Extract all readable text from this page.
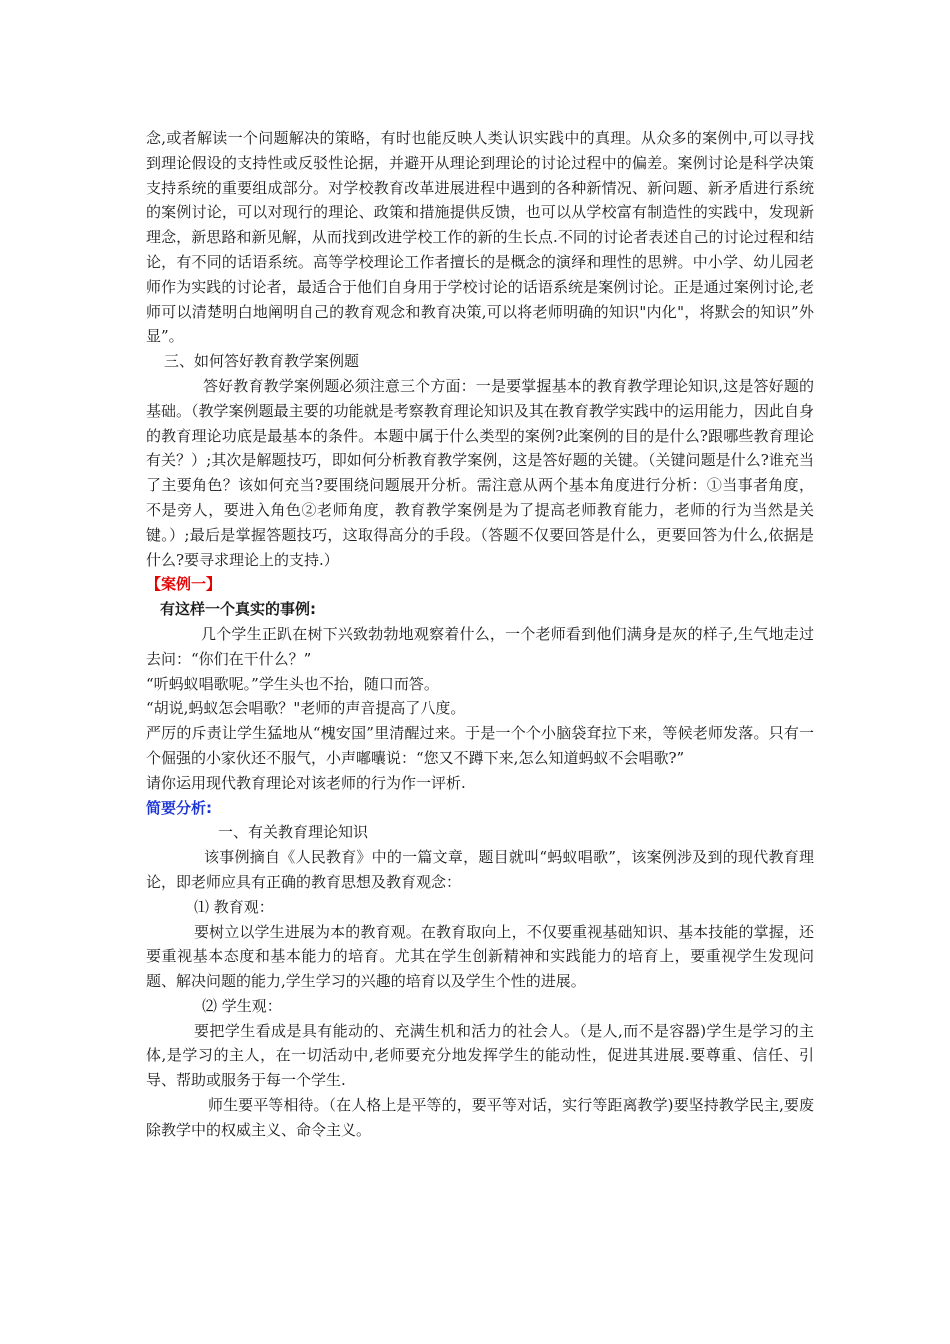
念,或者解读一个问题解决的策略，有时也能反映人类认识实践中的真理。从众多的案例中,可以寻找到理论假设的支持性或反驳性论据，并避开从理论到理论的讨论过程中的偏差。案例讨论是科学决策支持系统的重要组成部分。对学校教育改革进展进程中遇到的各种新情况、新问题、新矛盾进行系统的案例讨论，可以对现行的理论、政策和措施提供反馈，也可以从学校富有制造性的实践中，发现新理念，新思路和新见解，从而找到改进学校工作的新的生长点.不同的讨论者表述自己的讨论过程和结论，有不同的话语系统。高等学校理论工作者擅长的是概念的演绎和理性的思辨。中小学、幼儿园老师作为实践的讨论者，最适合于他们自身用于学校讨论的话语系统是案例讨论。正是通过案例讨论,老师可以清楚明白地阐明自己的教育观念和教育决策,可以将老师明确的知识"内化"，将默会的知识”外显”。

三、如何答好教育教学案例题

答好教育教学案例题必须注意三个方面：一是要掌握基本的教育教学理论知识,这是答好题的基础。（教学案例题最主要的功能就是考察教育理论知识及其在教育教学实践中的运用能力，因此自身的教育理论功底是最基本的条件。本题中属于什么类型的案例?此案例的目的是什么?跟哪些教育理论有关？）;其次是解题技巧，即如何分析教育教学案例，这是答好题的关键。（关键问题是什么?谁充当了主要角色？该如何充当?要围绕问题展开分析。需注意从两个基本角度进行分析：①当事者角度，不是旁人，要进入角色②老师角度，教育教学案例是为了提高老师教育能力，老师的行为当然是关键。）;最后是掌握答题技巧，这取得高分的手段。（答题不仅要回答是什么，更要回答为什么,依据是什么?要寻求理论上的支持.）

【案例一】

有这样一个真实的事例:

几个学生正趴在树下兴致勃勃地观察着什么，一个老师看到他们满身是灰的样子,生气地走过去问：“你们在干什么？”

“听蚂蚁唱歌呢。”学生头也不抬，随口而答。

“胡说,蚂蚁怎会唱歌？"老师的声音提高了八度。

严厉的斥责让学生猛地从“槐安国”里清醒过来。于是一个个小脑袋耷拉下来，等候老师发落。只有一个倔强的小家伙还不服气，小声嘟囔说：“您又不蹲下来,怎么知道蚂蚁不会唱歌?”

请你运用现代教育理论对该老师的行为作一评析.

简要分析:

一、有关教育理论知识

该事例摘自《人民教育》中的一篇文章，题目就叫“蚂蚁唱歌”，该案例涉及到的现代教育理论，即老师应具有正确的教育思想及教育观念：

⑴ 教育观：

要树立以学生进展为本的教育观。在教育取向上，不仅要重视基础知识、基本技能的掌握，还要重视基本态度和基本能力的培育。尤其在学生创新精神和实践能力的培育上，要重视学生发现问题、解决问题的能力,学生学习的兴趣的培育以及学生个性的进展。

⑵ 学生观：

要把学生看成是具有能动的、充满生机和活力的社会人。（是人,而不是容器)学生是学习的主体,是学习的主人，在一切活动中,老师要充分地发挥学生的能动性，促进其进展.要尊重、信任、引导、帮助或服务于每一个学生.

师生要平等相待。（在人格上是平等的，要平等对话，实行等距离教学)要坚持教学民主,要废除教学中的权威主义、命令主义。
